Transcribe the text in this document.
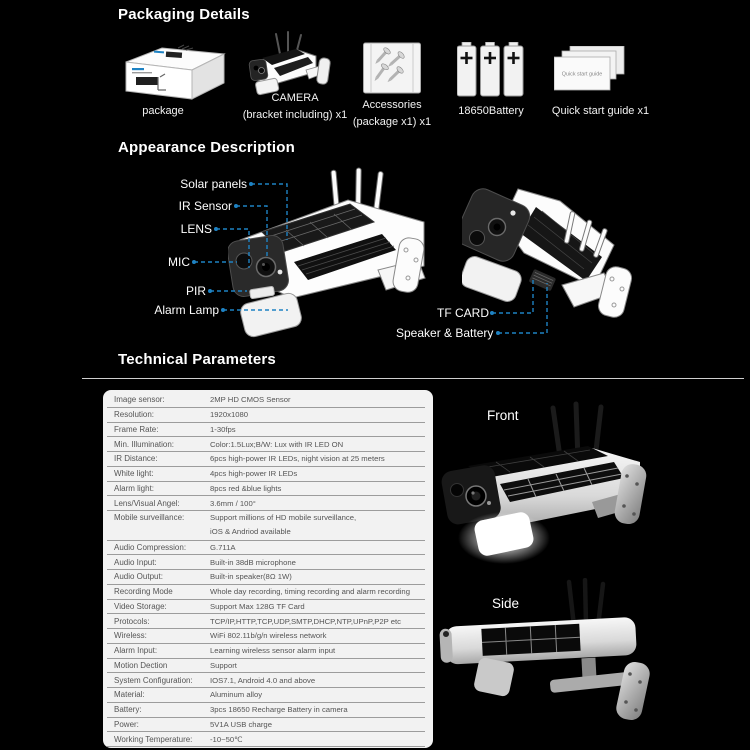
Packaging Details
package
CAMERA
(bracket including) x1
Accessories
(package x1) x1
18650Battery
Quick start guide
Quick start guide x1
Appearance Description
Solar panels
IR Sensor
LENS
MIC
PIR
Alarm Lamp	TF CARD
Speaker & Battery
Technical Parameters
Image sensor:	2MP HD CMOS Sensor
Resolution:	1920x1080
Frame Rate:	1-30fps
Min. Illumination:	Color:1.5Lux;B/W: Lux with IR LED ON
IR Distance:	6pcs high-power IR LEDs, night vision at 25 meters
White light:	4pcs high-power IR LEDs
Alarm light:	8pcs red &blue lights
Lens/Visual Angel:	3.6mm / 100°
Mobile surveillance:	Support millions of HD mobile surveillance,
iOS & Andriod available
Audio Compression:	G.711A
Audio Input:	Built-in 38dB microphone
Audio Output:	Built-in speaker(8Ω 1W)
Recording Mode	Whole day recording, timing recording and alarm recording
Video Storage:	Support Max 128G TF Card
Protocols:	TCP/IP,HTTP,TCP,UDP,SMTP,DHCP,NTP,UPnP,P2P etc
Wireless:	WiFi 802.11b/g/n wireless network
Alarm Input:	Learning wireless sensor alarm input
Motion Dection	Support
System Configuration:	IOS7.1, Android 4.0 and above
Material:	Aluminum alloy
Battery:	3pcs 18650 Recharge Battery in camera
Power:	5V1A USB charge
Working Temperature:	-10~50℃
Front
Side
